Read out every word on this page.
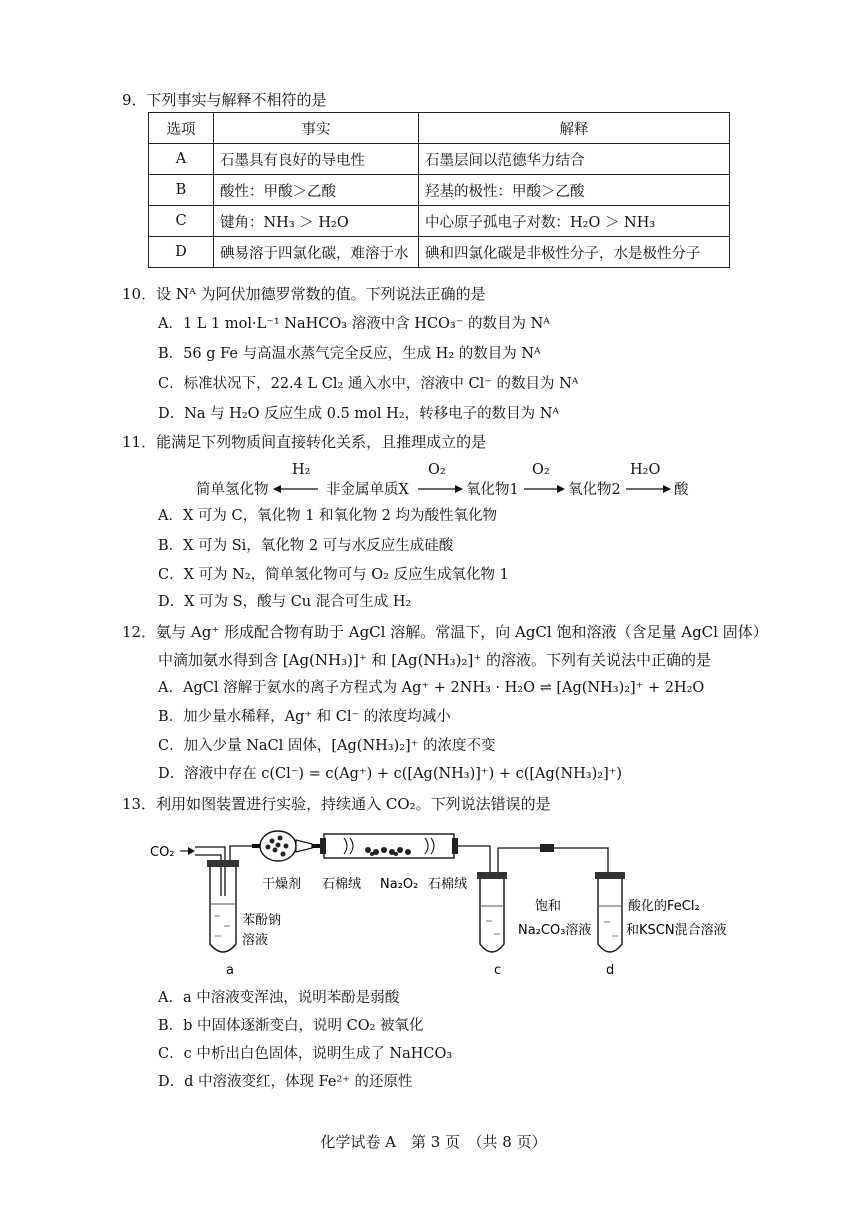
9．下列事实与解释不相符的是
选项	事实	解释
A	石墨具有良好的导电性	石墨层间以范德华力结合
B	酸性：甲酸＞乙酸	羟基的极性：甲酸＞乙酸
C	键角：NH₃ ＞ H₂O	中心原子孤电子对数：H₂O ＞ NH₃
D	碘易溶于四氯化碳，难溶于水	碘和四氯化碳是非极性分子，水是极性分子
10．设 Nᴬ 为阿伏加德罗常数的值。下列说法正确的是
A．1 L 1 mol·L⁻¹ NaHCO₃ 溶液中含 HCO₃⁻ 的数目为 Nᴬ
B．56 g Fe 与高温水蒸气完全反应，生成 H₂ 的数目为 Nᴬ
C．标准状况下，22.4 L Cl₂ 通入水中，溶液中 Cl⁻ 的数目为 Nᴬ
D．Na 与 H₂O 反应生成 0.5 mol H₂，转移电子的数目为 Nᴬ
11．能满足下列物质间直接转化关系，且推理成立的是
简单氢化物
H₂
非金属单质X
O₂
氧化物1
O₂
氧化物2
H₂O
酸
A．X 可为 C，氧化物 1 和氧化物 2 均为酸性氧化物
B．X 可为 Si，氧化物 2 可与水反应生成硅酸
C．X 可为 N₂，简单氢化物可与 O₂ 反应生成氧化物 1
D．X 可为 S，酸与 Cu 混合可生成 H₂
12．氨与 Ag⁺ 形成配合物有助于 AgCl 溶解。常温下，向 AgCl 饱和溶液（含足量 AgCl 固体）
中滴加氨水得到含 [Ag(NH₃)]⁺ 和 [Ag(NH₃)₂]⁺ 的溶液。下列有关说法中正确的是
A．AgCl 溶解于氨水的离子方程式为 Ag⁺ + 2NH₃ · H₂O ⇌ [Ag(NH₃)₂]⁺ + 2H₂O
B．加少量水稀释，Ag⁺ 和 Cl⁻ 的浓度均减小
C．加入少量 NaCl 固体，[Ag(NH₃)₂]⁺ 的浓度不变
D．溶液中存在 c(Cl⁻) = c(Ag⁺) + c([Ag(NH₃)]⁺) + c([Ag(NH₃)₂]⁺)
13．利用如图装置进行实验，持续通入 CO₂。下列说法错误的是
CO₂
干燥剂 石棉绒 Na₂O₂ 石棉绒
苯酚钠
溶液
饱和
Na₂CO₃溶液
酸化的FeCl₂
和KSCN混合溶液
a	c	d
A．a 中溶液变浑浊，说明苯酚是弱酸
B．b 中固体逐渐变白，说明 CO₂ 被氧化
C．c 中析出白色固体，说明生成了 NaHCO₃
D．d 中溶液变红，体现 Fe²⁺ 的还原性
化学试卷 A　第 3 页　（共 8 页）
